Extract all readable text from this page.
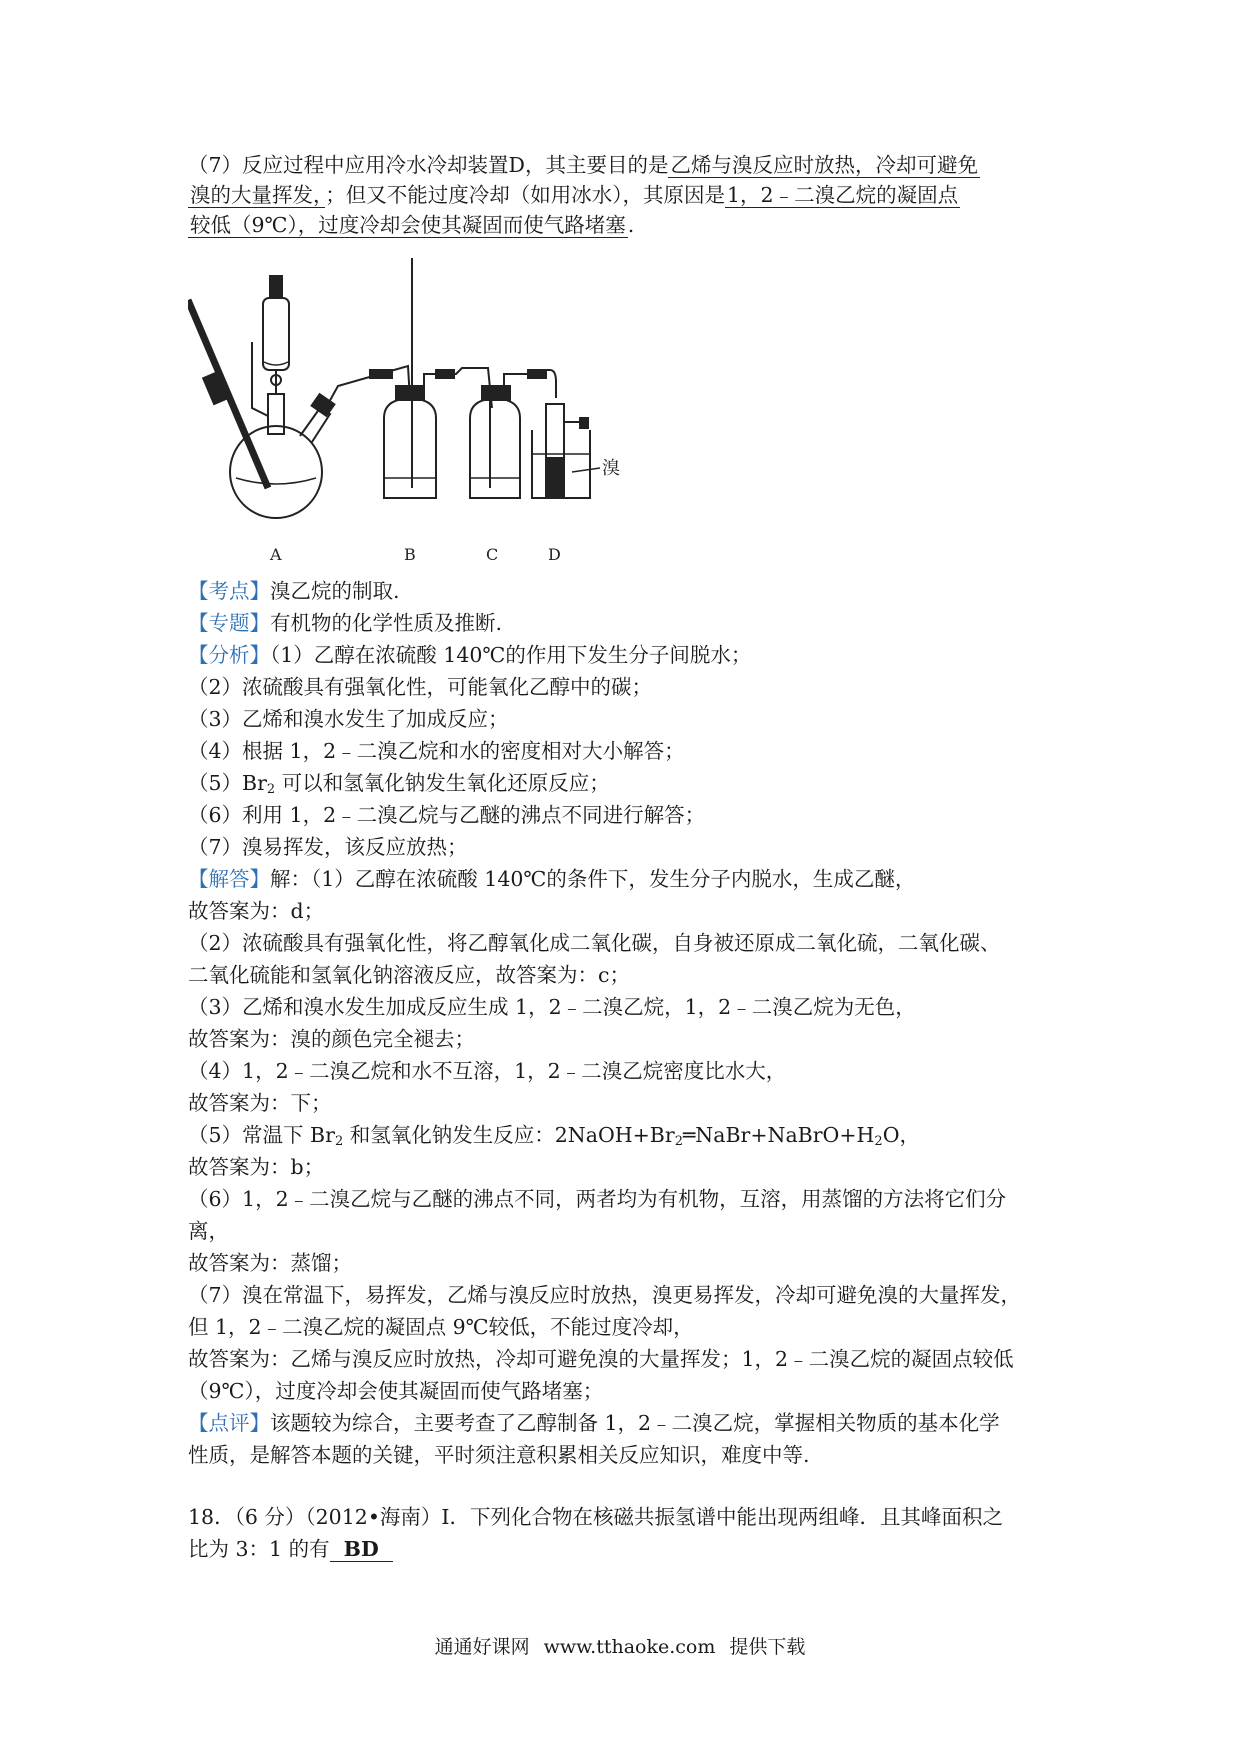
（7）反应过程中应用冷水冷却装置D，其主要目的是乙烯与溴反应时放热，冷却可避免
溴的大量挥发，；但又不能过度冷却（如用冰水），其原因是1，2﹣二溴乙烷的凝固点
较低（9℃），过度冷却会使其凝固而使气路堵塞.
A	B	C	D
溴
【考点】溴乙烷的制取.
【专题】有机物的化学性质及推断.
【分析】（1）乙醇在浓硫酸 140℃的作用下发生分子间脱水；
（2）浓硫酸具有强氧化性，可能氧化乙醇中的碳；
（3）乙烯和溴水发生了加成反应；
（4）根据 1，2﹣二溴乙烷和水的密度相对大小解答；
$(5)Br_2$ 可以和氢氧化钠发生氧化还原反应；
（6）利用 1，2﹣二溴乙烷与乙醚的沸点不同进行解答；
（7）溴易挥发，该反应放热；
【解答】解：（1）乙醇在浓硫酸 140℃的条件下，发生分子内脱水，生成乙醚，
故答案为：d；
（2）浓硫酸具有强氧化性，将乙醇氧化成二氧化碳，自身被还原成二氧化硫，二氧化碳、
二氧化硫能和氢氧化钠溶液反应，故答案为：c；
（3）乙烯和溴水发生加成反应生成 1，2﹣二溴乙烷，1，2﹣二溴乙烷为无色，
故答案为：溴的颜色完全褪去；
（4）1，2﹣二溴乙烷和水不互溶，1，2﹣二溴乙烷密度比水大，
故答案为：下；
（5）常温下 $Br_2$ 和氢氧化钠发生反应：$2NaOH+Br_2═NaBr+NaBrO+H_2O$，
故答案为：b；
（6）1，2﹣二溴乙烷与乙醚的沸点不同，两者均为有机物，互溶，用蒸馏的方法将它们分
离，
故答案为：蒸馏；
（7）溴在常温下，易挥发，乙烯与溴反应时放热，溴更易挥发，冷却可避免溴的大量挥发，
但 1，2﹣二溴乙烷的凝固点 9℃较低，不能过度冷却，
故答案为：乙烯与溴反应时放热，冷却可避免溴的大量挥发；1，2﹣二溴乙烷的凝固点较低
（9℃），过度冷却会使其凝固而使气路堵塞；
【点评】该题较为综合，主要考查了乙醇制备 1，2﹣二溴乙烷，掌握相关物质的基本化学
性质，是解答本题的关键，平时须注意积累相关反应知识，难度中等.
18．（6 分）（2012•海南）Ⅰ．下列化合物在核磁共振氢谱中能出现两组峰．且其峰面积之
比为 3：1 的有 BD
通通好课网 www.tthaoke.com 提供下载
